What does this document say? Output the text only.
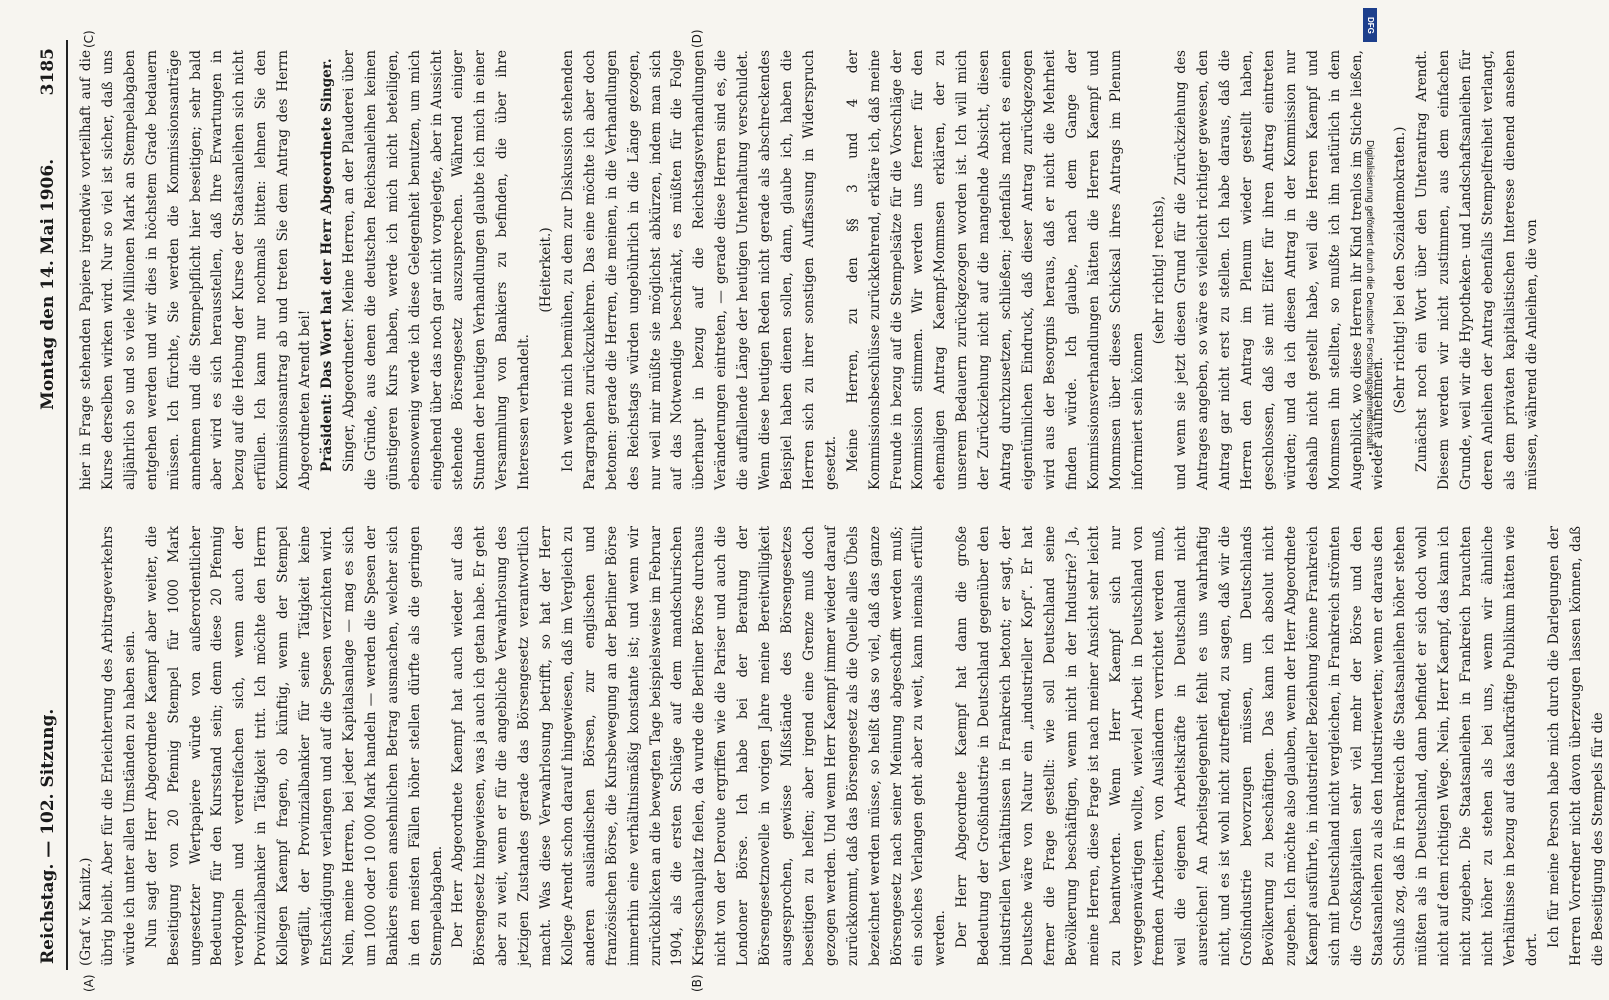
Reichstag. — 102. Sitzung.
Montag den 14. Mai 1906.
3185
(A)	(B)
(C)	(D)

(Graf v. Kanitz.) übrig bleibt. Aber für die Erleichterung des Arbitrageverkehrs würde ich unter allen Umständen zu haben sein. Nun sagt der Herr Abgeordnete Kaempf aber weiter, die Beseitigung von 20 Pfennig Stempel für 1000 Mark ungesetzter Wertpapiere würde von außerordentlicher Bedeutung für den Kursstand sein; denn diese 20 Pfennig verdoppeln und verdreifachen sich, wenn auch der Provinzialbankier in Tätigkeit tritt. Ich möchte den Herrn Kollegen Kaempf fragen, ob künftig, wenn der Stempel wegfällt, der Provinzialbankier für seine Tätigkeit keine Entschädigung verlangen und auf die Spesen verzichten wird. Nein, meine Herren, bei jeder Kapitalsanlage — mag es sich um 1000 oder 10 000 Mark handeln — werden die Spesen der Bankiers einen ansehnlichen Betrag ausmachen, welcher sich in den meisten Fällen höher stellen dürfte als die geringen Stempelabgaben. Der Herr Abgeordnete Kaempf hat auch wieder auf das Börsengesetz hingewiesen, was ja auch ich getan habe. Er geht aber zu weit, wenn er für die angebliche Verwahrlosung des jetzigen Zustandes gerade das Börsengesetz verantwortlich macht. Was diese Verwahrlosung betrifft, so hat der Herr Kollege Arendt schon darauf hingewiesen, daß im Vergleich zu anderen ausländischen Börsen, zur englischen und französischen Börse, die Kursbewegung an der Berliner Börse immerhin eine verhältnismäßig konstante ist; und wenn wir zurückblicken an die bewegten Tage beispielsweise im Februar 1904, als die ersten Schläge auf dem mandschurischen Kriegsschauplatz fielen, da wurde die Berliner Börse durchaus nicht von der Deroute ergriffen wie die Pariser und auch die Londoner Börse. Ich habe bei der Beratung der Börsengesetznovelle in vorigen Jahre meine Bereitwilligkeit ausgesprochen, gewisse Mißstände des Börsengesetzes beseitigen zu helfen; aber irgend eine Grenze muß doch gezogen werden. Und wenn Herr Kaempf immer wieder darauf zurückkommt, daß das Börsengesetz als die Quelle alles Übels bezeichnet werden müsse, so heißt das so viel, daß das ganze Börsengesetz nach seiner Meinung abgeschafft werden muß; ein solches Verlangen geht aber zu weit, kann niemals erfüllt werden. Der Herr Abgeordnete Kaempf hat dann die große Bedeutung der Großindustrie in Deutschland gegenüber den industriellen Verhältnissen in Frankreich betont; er sagt, der Deutsche wäre von Natur ein „industrieller Kopf“. Er hat ferner die Frage gestellt: wie soll Deutschland seine Bevölkerung beschäftigen, wenn nicht in der Industrie? Ja, meine Herren, diese Frage ist nach meiner Ansicht sehr leicht zu beantworten. Wenn Herr Kaempf sich nur vergegenwärtigen wollte, wieviel Arbeit in Deutschland von fremden Arbeitern, von Ausländern verrichtet werden muß, weil die eigenen Arbeitskräfte in Deutschland nicht ausreichen! An Arbeitsgelegenheit fehlt es uns wahrhaftig nicht, und es ist wohl nicht zutreffend, zu sagen, daß wir die Großindustrie bevorzugen müssen, um Deutschlands Bevölkerung zu beschäftigen. Das kann ich absolut nicht zugeben. Ich möchte also glauben, wenn der Herr Abgeordnete Kaempf ausführte, in industrieller Beziehung könne Frankreich sich mit Deutschland nicht vergleichen, in Frankreich strömten die Großkapitalien sehr viel mehr der Börse und den Staatsanleihen zu als den Industriewerten; wenn er daraus den Schluß zog, daß in Frankreich die Staatsanleihen höher stehen müßten als in Deutschland, dann befindet er sich doch wohl nicht auf dem richtigen Wege. Nein, Herr Kaempf, das kann ich nicht zugeben. Die Staatsanleihen in Frankreich brauchten nicht höher zu stehen als bei uns, wenn wir ähnliche Verhältnisse in bezug auf das kaufkräftige Publikum hätten wie dort.

Ich für meine Person habe mich durch die Darlegungen der Herren Vorredner nicht davon überzeugen lassen können, daß die Beseitigung des Stempels für die

hier in Frage stehenden Papiere irgendwie vorteilhaft auf die Kurse derselben wirken wird. Nur so viel ist sicher, daß uns alljährlich so und so viele Millionen Mark an Stempelabgaben entgehen werden und wir dies in höchstem Grade bedauern müssen. Ich fürchte, Sie werden die Kommissionsanträge annehmen und die Stempelpflicht hier beseitigen; sehr bald aber wird es sich herausstellen, daß Ihre Erwartungen in bezug auf die Hebung der Kurse der Staatsanleihen sich nicht erfüllen. Ich kann nur nochmals bitten: lehnen Sie den Kommissionsantrag ab und treten Sie dem Antrag des Herrn Abgeordneten Arendt bei! Präsident: Das Wort hat der Herr Abgeordnete Singer. Singer, Abgeordneter: Meine Herren, an der Plauderei über die Gründe, aus denen die deutschen Reichsanleihen keinen günstigeren Kurs haben, werde ich mich nicht beteiligen, ebensowenig werde ich diese Gelegenheit benutzen, um mich eingehend über das noch gar nicht vorgelegte, aber in Aussicht stehende Börsengesetz auszusprechen. Während einiger Stunden der heutigen Verhandlungen glaubte ich mich in einer Versammlung von Bankiers zu befinden, die über ihre Interessen verhandelt.

(Heiterkeit.) Ich werde mich bemühen, zu dem zur Diskussion stehenden Paragraphen zurückzukehren. Das eine möchte ich aber doch betonen: gerade die Herren, die meinen, in die Verhandlungen des Reichstags würden ungebührlich in die Länge gezogen, nur weil mir müßte sie möglichst abkürzen, indem man sich auf das Notwendige beschränkt, es müßten für die Folge überhaupt in bezug auf die Reichstagsverhandlungen Veränderungen eintreten, — gerade diese Herren sind es, die die auffallende Länge der heutigen Unterhaltung verschuldet. Wenn diese heutigen Reden nicht gerade als abschreckendes Beispiel haben dienen sollen, dann, glaube ich, haben die Herren sich zu ihrer sonstigen Auffassung in Widerspruch gesetzt. Meine Herren, zu den §§ 3 und 4 der Kommissionsbeschlüsse zurückkehrend, erkläre ich, daß meine Freunde in bezug auf die Stempelsätze für die Vorschläge der Kommission stimmen. Wir werden uns ferner für den ehemaligen Antrag Kaempf-Mommsen erklären, der zu unserem Bedauern zurückgezogen worden ist. Ich will mich der Zurückziehung nicht auf die mangelnde Absicht, diesen Antrag durchzusetzen, schließen; jedenfalls macht es einen eigentümlichen Eindruck, daß dieser Antrag zurückgezogen wird aus der Besorgnis heraus, daß er nicht die Mehrheit finden würde. Ich glaube, nach dem Gange der Kommissionsverhandlungen hätten die Herren Kaempf und Mommsen über dieses Schicksal ihres Antrags im Plenum informiert sein können

(sehr richtig! rechts), und wenn sie jetzt diesen Grund für die Zurückziehung des Antrages angeben, so wäre es vielleicht richtiger gewesen, den Antrag gar nicht erst zu stellen. Ich habe daraus, daß die Herren den Antrag im Plenum wieder gestellt haben, geschlossen, daß sie mit Eifer für ihren Antrag eintreten würden; und da ich diesen Antrag in der Kommission nur deshalb nicht gestellt habe, weil die Herren Kaempf und Mommsen ihn stellten, so mußte ich ihn natürlich in dem Augenblick, wo diese Herren ihr Kind trenlos im Stiche ließen, wieder aufnehmen.

(Sehr richtig! bei den Sozialdemokraten.) Zunächst noch ein Wort über den Unterantrag Arendt. Diesem werden wir nicht zustimmen, aus dem einfachen Grunde, weil wir die Hypotheken- und Landschaftsanleihen für deren Anleihen der Antrag ebenfalls Stempelfreiheit verlangt, als dem privaten kapitalistischen Interesse dienend ansehen müssen, während die Anleihen, die von

DFG
Digitalisierung gefördert durch die Deutsche Forschungsgemeinschaft •
